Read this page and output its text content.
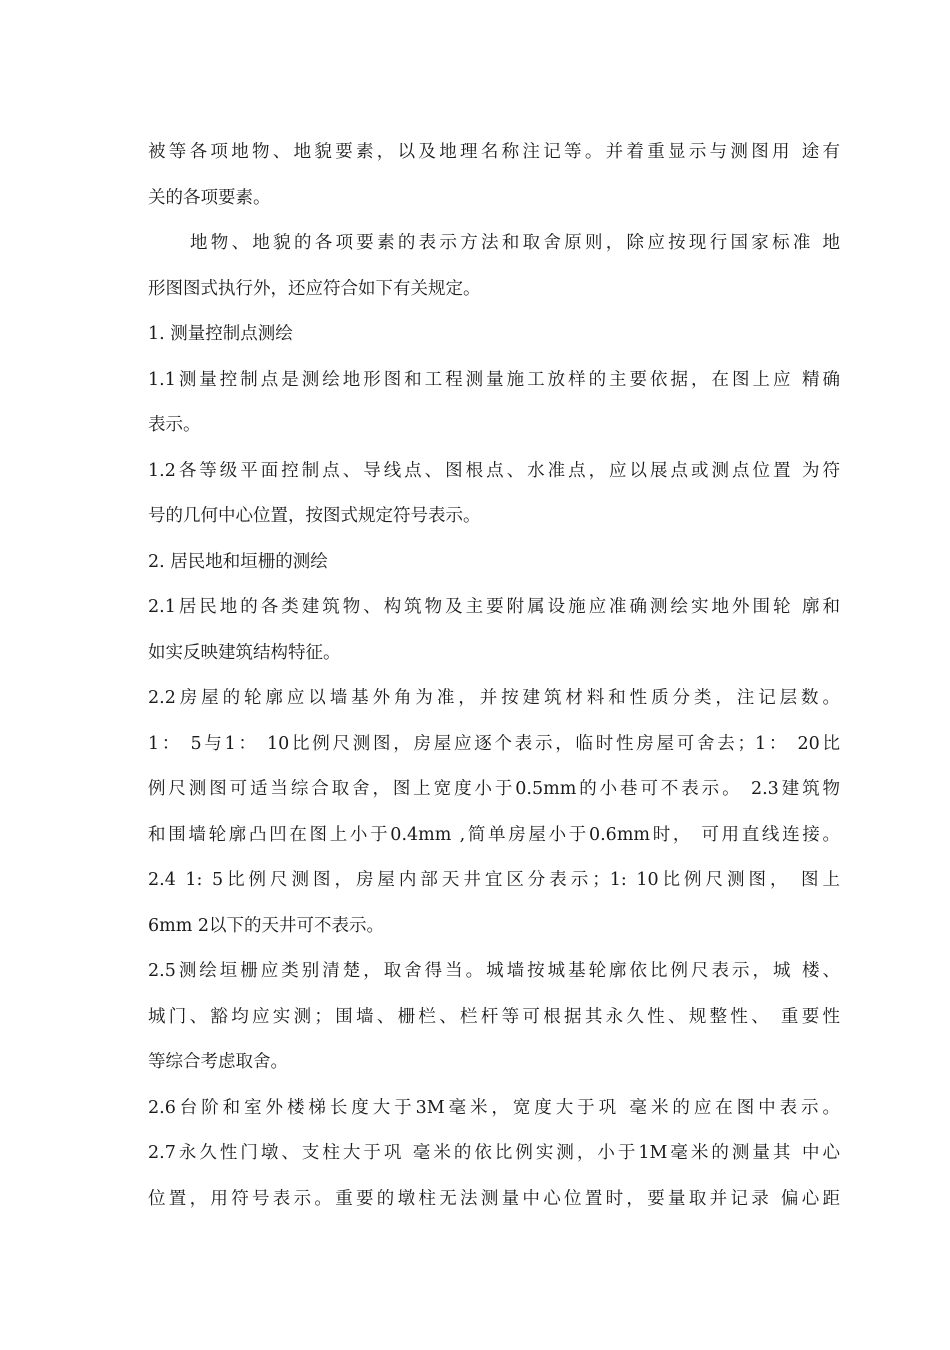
被等各项地物、地貌要素，以及地理名称注记等。并着重显示与测图用 途有
关的各项要素。
地物、地貌的各项要素的表示方法和取舍原则，除应按现行国家标准 地
形图图式执行外，还应符合如下有关规定。
1. 测量控制点测绘
1.1测量控制点是测绘地形图和工程测量施工放样的主要依据，在图上应 精确
表示。
1.2各等级平面控制点、导线点、图根点、水准点，应以展点或测点位置 为符
号的几何中心位置，按图式规定符号表示。
2. 居民地和垣栅的测绘
2.1居民地的各类建筑物、构筑物及主要附属设施应准确测绘实地外围轮 廓和
如实反映建筑结构特征。
2.2房屋的轮廓应以墙基外角为准，并按建筑材料和性质分类，注记层数。
1： 5与1： 10比例尺测图，房屋应逐个表示，临时性房屋可舍去；1： 20比
例尺测图可适当综合取舍，图上宽度小于0.5mm的小巷可不表示。 2.3建筑物
和围墙轮廓凸凹在图上小于0.4mm ,简单房屋小于0.6mm时， 可用直线连接。
2.4 1: 5比例尺测图，房屋内部天井宜区分表示；1: 10比例尺测图， 图上
6mm 2以下的天井可不表示。
2.5测绘垣栅应类别清楚，取舍得当。城墙按城基轮廓依比例尺表示，城 楼、
城门、豁均应实测；围墙、栅栏、栏杆等可根据其永久性、规整性、 重要性
等综合考虑取舍。
2.6台阶和室外楼梯长度大于3M毫米，宽度大于巩 毫米的应在图中表示。
2.7永久性门墩、支柱大于巩 毫米的依比例实测，小于1M毫米的测量其 中心
位置，用符号表示。重要的墩柱无法测量中心位置时，要量取并记录 偏心距
